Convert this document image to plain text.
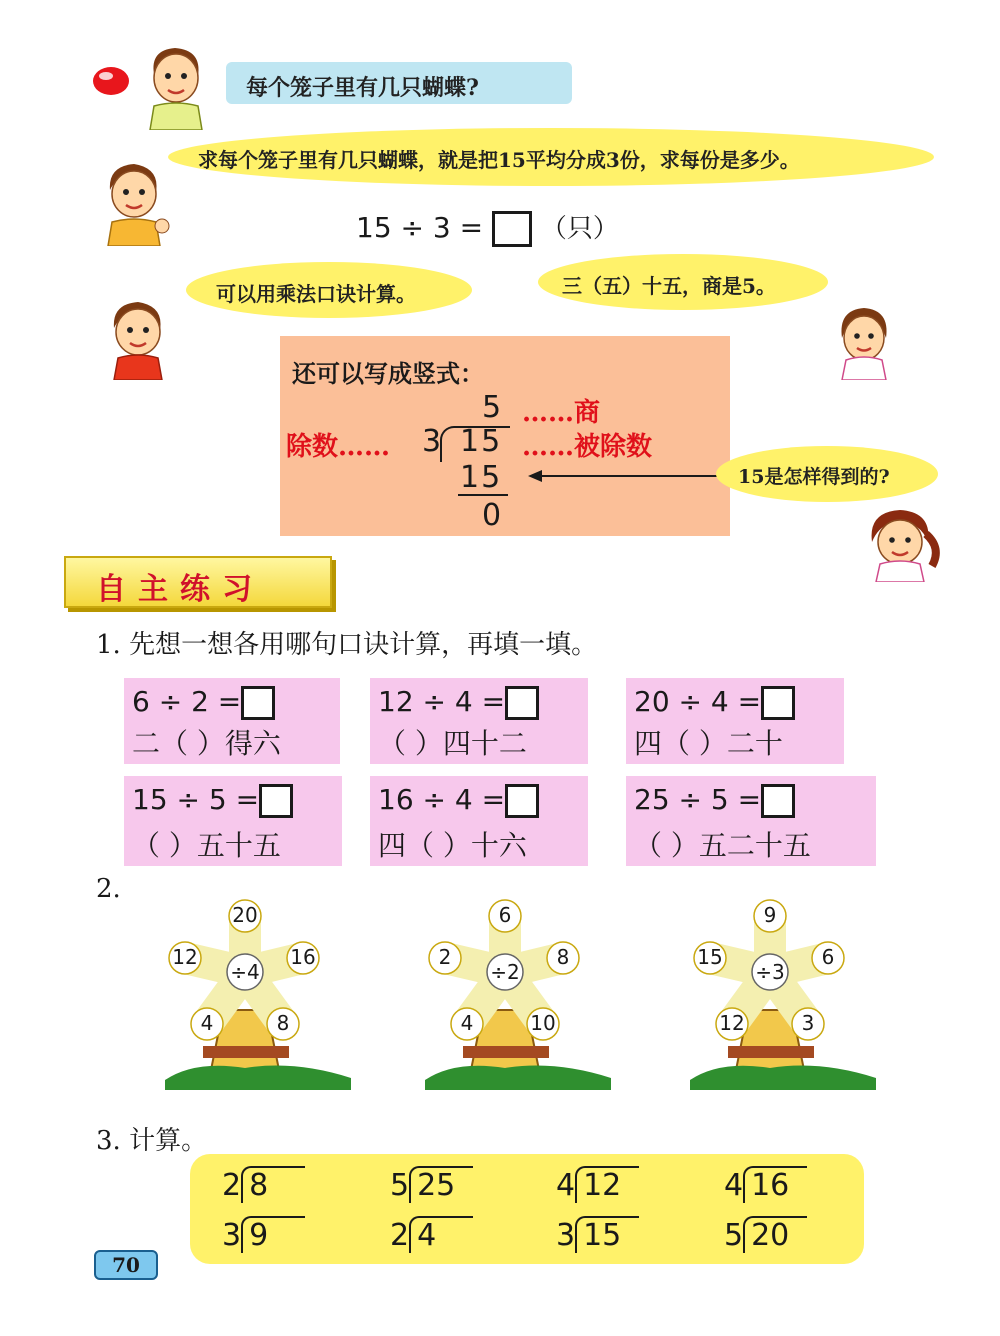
每个笼子里有几只蝴蝶?
求每个笼子里有几只蝴蝶，就是把15平均分成3份，求每份是多少。
15 ÷ 3 = （只）
可以用乘法口诀计算。	三（五）十五，商是5。
还可以写成竖式：
5 ……商
除数…… 3 15 ……被除数
15
0
15是怎样得到的?
自主练习
1. 先想一想各用哪句口诀计算，再填一填。
6 ÷ 2 =
二（ ）得六
12 ÷ 4 =
（ ）四十二
20 ÷ 4 =
四（ ）二十
15 ÷ 5 =
（ ）五十五
16 ÷ 4 =
四（ ）十六
25 ÷ 5 =
（ ）五二十五
2.
÷4
20
16
8
4
12
÷2
6
8
10
4
2
÷3
9
6
3
12
15
3. 计算。
2 8	5 25	4 12	4 16
3 9	2 4	3 15	5 20
70
